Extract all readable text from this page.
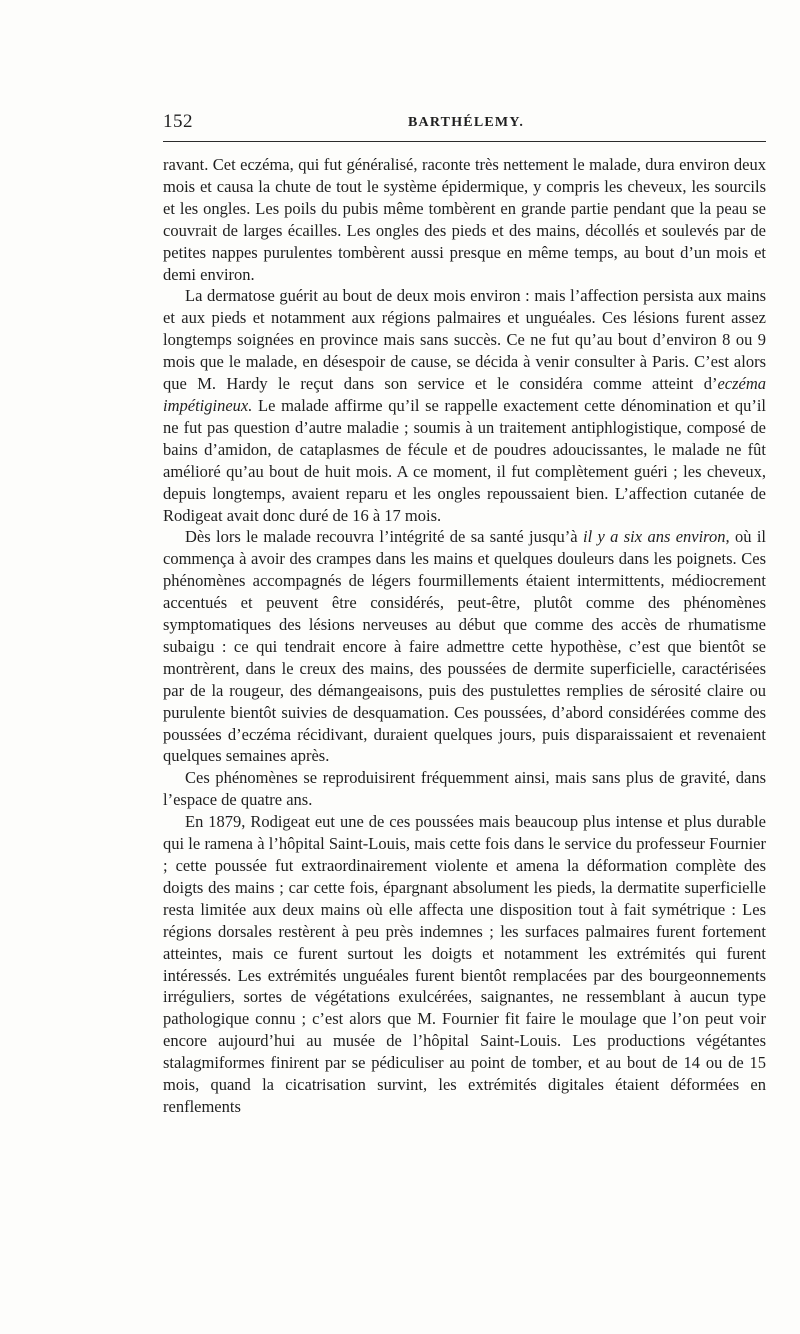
152	BARTHÉLEMY.

ravant. Cet eczéma, qui fut généralisé, raconte très nettement le malade, dura environ deux mois et causa la chute de tout le système épidermique, y compris les cheveux, les sourcils et les ongles. Les poils du pubis même tombèrent en grande partie pendant que la peau se couvrait de larges écailles. Les ongles des pieds et des mains, décollés et soulevés par de petites nappes purulentes tombèrent aussi presque en même temps, au bout d’un mois et demi environ.

La dermatose guérit au bout de deux mois environ : mais l’affection persista aux mains et aux pieds et notamment aux régions palmaires et unguéales. Ces lésions furent assez longtemps soignées en province mais sans succès. Ce ne fut qu’au bout d’environ 8 ou 9 mois que le malade, en désespoir de cause, se décida à venir consulter à Paris. C’est alors que M. Hardy le reçut dans son service et le considéra comme atteint d’eczéma impétigineux. Le malade affirme qu’il se rappelle exactement cette dénomination et qu’il ne fut pas question d’autre maladie ; soumis à un traitement antiphlogistique, composé de bains d’amidon, de cataplasmes de fécule et de poudres adoucissantes, le malade ne fût amélioré qu’au bout de huit mois. A ce moment, il fut complètement guéri ; les cheveux, depuis longtemps, avaient reparu et les ongles repoussaient bien. L’affection cutanée de Rodigeat avait donc duré de 16 à 17 mois.

Dès lors le malade recouvra l’intégrité de sa santé jusqu’à il y a six ans environ, où il commença à avoir des crampes dans les mains et quelques douleurs dans les poignets. Ces phénomènes accompagnés de légers fourmillements étaient intermittents, médiocrement accentués et peuvent être considérés, peut-être, plutôt comme des phénomènes symptomatiques des lésions nerveuses au début que comme des accès de rhumatisme subaigu : ce qui tendrait encore à faire admettre cette hypothèse, c’est que bientôt se montrèrent, dans le creux des mains, des poussées de dermite superficielle, caractérisées par de la rougeur, des démangeaisons, puis des pustulettes remplies de sérosité claire ou purulente bientôt suivies de desquamation. Ces poussées, d’abord considérées comme des poussées d’eczéma récidivant, duraient quelques jours, puis disparaissaient et revenaient quelques semaines après.

Ces phénomènes se reproduisirent fréquemment ainsi, mais sans plus de gravité, dans l’espace de quatre ans.

En 1879, Rodigeat eut une de ces poussées mais beaucoup plus intense et plus durable qui le ramena à l’hôpital Saint-Louis, mais cette fois dans le service du professeur Fournier ; cette poussée fut extraordinairement violente et amena la déformation complète des doigts des mains ; car cette fois, épargnant absolument les pieds, la dermatite superficielle resta limitée aux deux mains où elle affecta une disposition tout à fait symétrique : Les régions dorsales restèrent à peu près indemnes ; les surfaces palmaires furent fortement atteintes, mais ce furent surtout les doigts et notamment les extrémités qui furent intéressés. Les extrémités unguéales furent bientôt remplacées par des bourgeonnements irréguliers, sortes de végétations exulcérées, saignantes, ne ressemblant à aucun type pathologique connu ; c’est alors que M. Fournier fit faire le moulage que l’on peut voir encore aujourd’hui au musée de l’hôpital Saint-Louis. Les productions végétantes stalagmiformes finirent par se pédiculiser au point de tomber, et au bout de 14 ou de 15 mois, quand la cicatrisation survint, les extrémités digitales étaient déformées en renflements
